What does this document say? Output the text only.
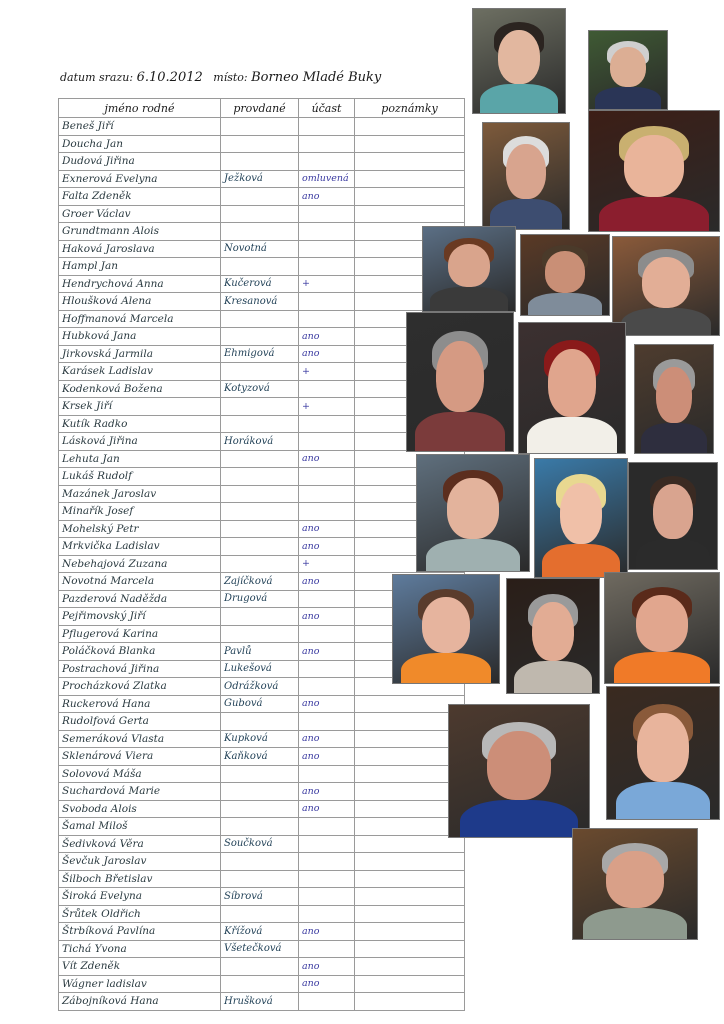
datum srazu: 6.10.2012 místo: Borneo Mladé Buky
jméno rodné	provdané	účast	poznámky
Beneš Jiří			
Doucha Jan			
Dudová Jiřina			
Exnerová Evelyna	Ježková	omluvená	
Falta Zdeněk		ano	
Groer Václav			
Grundtmann Alois			
Haková Jaroslava	Novotná		
Hampl Jan			
Hendrychová Anna	Kučerová	+	
Hloušková Alena	Kresanová		
Hoffmanová Marcela			
Hubková Jana		ano	
Jirkovská Jarmila	Ehmigová	ano	
Karásek Ladislav		+	
Kodenková Božena	Kotyzová		
Krsek Jiří		+	
Kutík Radko			
Lásková Jiřina	Horáková		
Lehuta Jan		ano	
Lukáš Rudolf			
Mazánek Jaroslav			
Minařík Josef			
Mohelský Petr		ano	
Mrkvička Ladislav		ano	
Nebehajová Zuzana		+	
Novotná Marcela	Zajíčková	ano	
Pazderová Naděžda	Drugová		
Pejřimovský Jiří		ano	
Pflugerová Karina			
Poláčková Blanka	Pavlů	ano	
Postrachová Jiřina	Lukešová		
Procházková Zlatka	Odrážková		
Ruckerová Hana	Gubová	ano	
Rudolfová Gerta			
Semeráková Vlasta	Kupková	ano	
Sklenárová Viera	Kaňková	ano	
Solovová Máša			
Suchardová Marie		ano	
Svoboda Alois		ano	
Šamal Miloš			
Šedivková Věra	Součková		
Ševčuk Jaroslav			
Šilboch Břetislav			
Široká Evelyna	Síbrová		
Šrůtek Oldřich			
Štrbíková Pavlína	Křížová	ano	
Tichá Yvona	Všetečková		
Vít Zdeněk		ano	
Wágner ladislav		ano	
Zábojníková Hana	Hrušková		
